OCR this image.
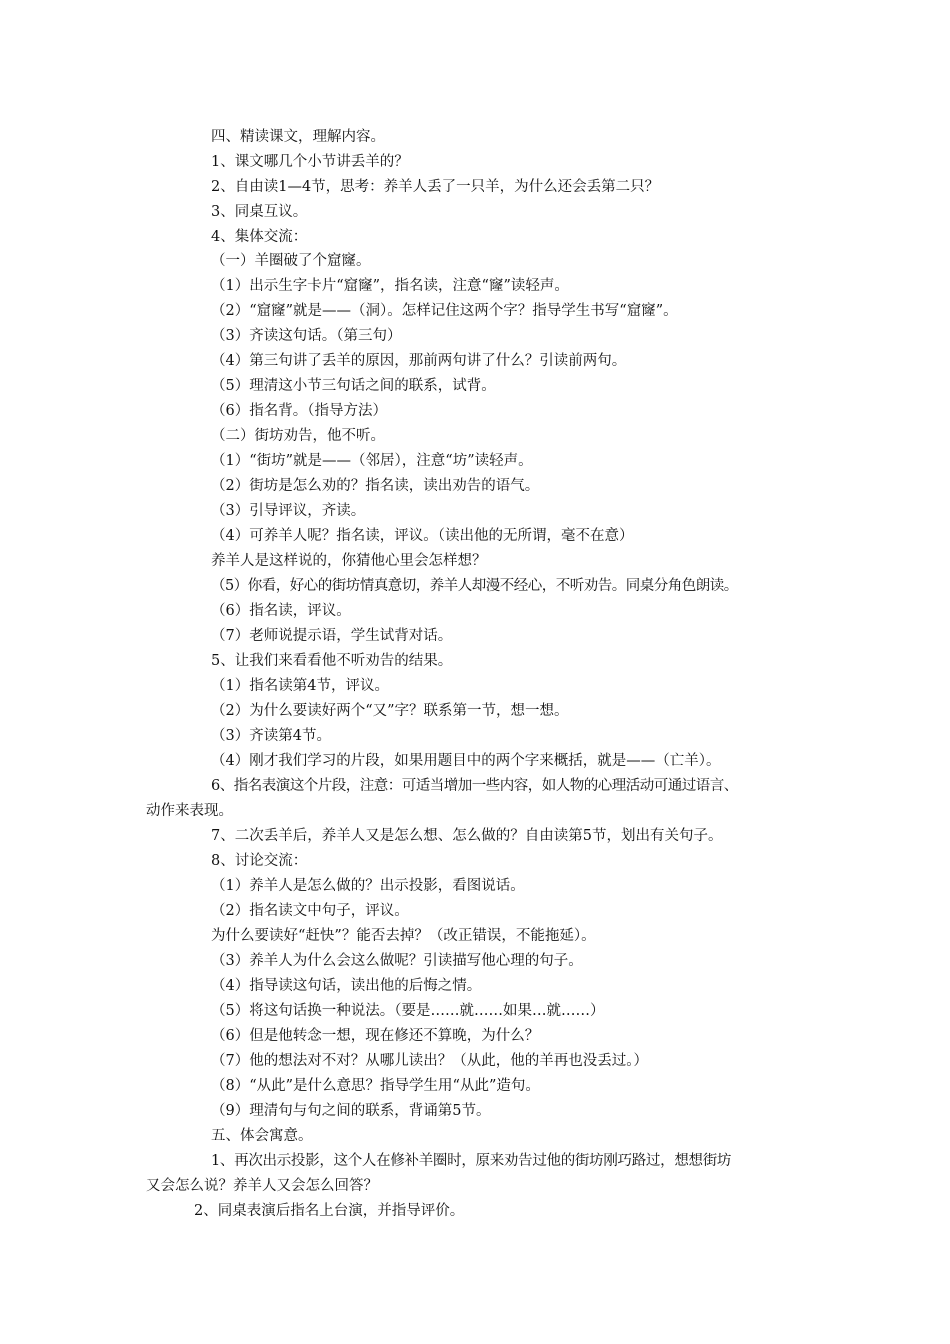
四、精读课文，理解内容。
1、课文哪几个小节讲丢羊的？
2、自由读1—4节，思考：养羊人丢了一只羊，为什么还会丢第二只？
3、同桌互议。
4、集体交流：
（一）羊圈破了个窟窿。
（1）出示生字卡片“窟窿”，指名读，注意“窿”读轻声。
（2）“窟窿”就是——（洞）。怎样记住这两个字？指导学生书写“窟窿”。
（3）齐读这句话。（第三句）
（4）第三句讲了丢羊的原因，那前两句讲了什么？引读前两句。
（5）理清这小节三句话之间的联系，试背。
（6）指名背。（指导方法）
（二）街坊劝告，他不听。
（1）“街坊”就是——（邻居），注意“坊”读轻声。
（2）街坊是怎么劝的？指名读，读出劝告的语气。
（3）引导评议，齐读。
（4）可养羊人呢？指名读，评议。（读出他的无所谓，毫不在意）
养羊人是这样说的，你猜他心里会怎样想？
（5）你看，好心的街坊情真意切，养羊人却漫不经心，不听劝告。同桌分角色朗读。
（6）指名读，评议。
（7）老师说提示语，学生试背对话。
5、让我们来看看他不听劝告的结果。
（1）指名读第4节，评议。
（2）为什么要读好两个“又”字？联系第一节，想一想。
（3）齐读第4节。
（4）刚才我们学习的片段，如果用题目中的两个字来概括，就是——（亡羊）。
6、指名表演这个片段，注意：可适当增加一些内容，如人物的心理活动可通过语言、
动作来表现。
7、二次丢羊后，养羊人又是怎么想、怎么做的？自由读第5节，划出有关句子。
8、讨论交流：
（1）养羊人是怎么做的？出示投影，看图说话。
（2）指名读文中句子，评议。
为什么要读好“赶快”？能否去掉？（改正错误，不能拖延）。
（3）养羊人为什么会这么做呢？引读描写他心理的句子。
（4）指导读这句话，读出他的后悔之情。
（5）将这句话换一种说法。（要是……就……如果…就……）
（6）但是他转念一想，现在修还不算晚，为什么？
（7）他的想法对不对？从哪儿读出？（从此，他的羊再也没丢过。）
（8）“从此”是什么意思？指导学生用“从此”造句。
（9）理清句与句之间的联系，背诵第5节。
五、体会寓意。
1、再次出示投影，这个人在修补羊圈时，原来劝告过他的街坊刚巧路过，想想街坊
又会怎么说？养羊人又会怎么回答？
2、同桌表演后指名上台演，并指导评价。
